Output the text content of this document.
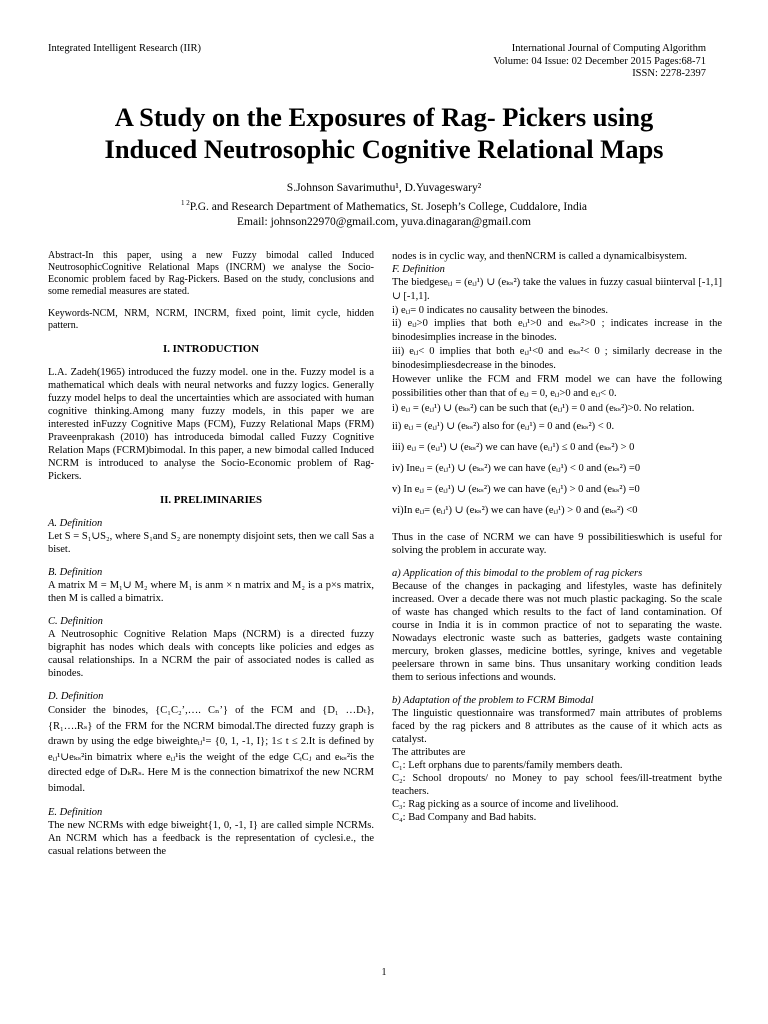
Integrated Intelligent Research (IIR)	International Journal of Computing Algorithm
Volume: 04 Issue: 02 December 2015 Pages:68-71
ISSN: 2278-2397
A Study on the Exposures of Rag- Pickers using
Induced Neutrosophic Cognitive Relational Maps
S.Johnson Savarimuthu¹, D.Yuvageswary²
$^{1 2}$P.G. and Research Department of Mathematics, St. Joseph’s College, Cuddalore, India
Email: johnson22970@gmail.com, yuva.dinagaran@gmail.com

Abstract-In this paper, using a new Fuzzy bimodal called Induced NeutrosophicCognitive Relational Maps (INCRM) we analyse the Socio-Economic problem faced by Rag-Pickers. Based on the study, conclusions and some remedial measures are stated.

Keywords-NCM, NRM, NCRM, INCRM, fixed point, limit cycle, hidden pattern.

I. INTRODUCTION

L.A. Zadeh(1965) introduced the fuzzy model. one in the. Fuzzy model is a mathematical which deals with neural networks and fuzzy logics. Generally fuzzy model helps to deal the uncertainties which are associated with human cognitive thinking.Among many fuzzy models, in this paper we are interested inFuzzy Cognitive Maps (FCM), Fuzzy Relational Maps (FRM) Praveenprakash (2010) has introduceda bimodal called Fuzzy Cognitive Relation Maps (FCRM)bimodal. In this paper, a new bimodal called Induced NCRM is introduced to analyse the Socio-Economic problem of Rag-Pickers.

II. PRELIMINARIES

A. Definition

Let S = S₁∪S₂, where S₁and S₂ are nonempty disjoint sets, then we call Sas a biset.

B. Definition

A matrix M = M₁∪ M₂ where M₁ is anm × n matrix and M₂ is a p×s matrix, then M is called a bimatrix.

C. Definition

A Neutrosophic Cognitive Relation Maps (NCRM) is a directed fuzzy bigraphit has nodes which deals with concepts like policies and edges as causal relationships. In a NCRM the pair of associated nodes is called as binodes.

D. Definition

Consider the binodes, {C₁C₂’,…. Cₙ’} of the FCM and {D₁ …Dₜ}, {R₁….Rₛ} of the FRM for the NCRM bimodal.The directed fuzzy graph is drawn by using the edge biweighteᵢⱼ¹= {0, 1, -1, I}; 1≤ t ≤ 2.It is defined by eᵢⱼ¹∪eₖₛ²in bimatrix where eᵢⱼ¹is the weight of the edge CᵢCⱼ and eₖₛ²is the directed edge of DₖRₛ. Here M is the connection bimatrixof the new NCRM bimodal.

E. Definition

The new NCRMs with edge biweight{1, 0, -1, I} are called simple NCRMs. An NCRM which has a feedback is the representation of cyclesi.e., the casual relations between the

nodes is in cyclic way, and thenNCRM is called a dynamicalbisystem.

F. Definition

The biedgeseᵢⱼ = (eᵢⱼ¹) ∪ (eₖₛ²) take the values in fuzzy casual biinterval [-1,1] ∪ [-1,1].

i) eᵢⱼ= 0 indicates no causality between the binodes.

ii) eᵢⱼ>0 implies that both eᵢⱼ¹>0 and eₖₛ²>0 ; indicates increase in the binodesimplies increase in the binodes.

iii) eᵢⱼ< 0 implies that both eᵢⱼ¹<0 and eₖₛ²< 0 ; similarly decrease in the binodesimpliesdecrease in the binodes.

However unlike the FCM and FRM model we can have the following possibilities other than that of eᵢⱼ = 0, eᵢⱼ>0 and eᵢⱼ< 0.

i) eᵢⱼ = (eᵢⱼ¹) ∪ (eₖₛ²) can be such that (eᵢⱼ¹) = 0 and (eₖₛ²)>0. No relation.

ii) eᵢⱼ = (eᵢⱼ¹) ∪ (eₖₛ²) also for (eᵢⱼ¹) = 0 and (eₖₛ²) < 0.

iii) eᵢⱼ = (eᵢⱼ¹) ∪ (eₖₛ²) we can have (eᵢⱼ¹) ≤ 0 and (eₖₛ²) > 0

iv) Ineᵢⱼ = (eᵢⱼ¹) ∪ (eₖₛ²) we can have (eᵢⱼ¹) < 0 and (eₖₛ²) =0

v) In eᵢⱼ = (eᵢⱼ¹) ∪ (eₖₛ²) we can have (eᵢⱼ¹) > 0 and (eₖₛ²) =0

vi)In eᵢⱼ= (eᵢⱼ¹) ∪ (eₖₛ²) we can have (eᵢⱼ¹) > 0 and (eₖₛ²) <0

Thus in the case of NCRM we can have 9 possibilitieswhich is useful for solving the problem in accurate way.

a) Application of this bimodal to the problem of rag pickers

Because of the changes in packaging and lifestyles, waste has definitely increased. Over a decade there was not much plastic packaging. So the scale of waste has changed which results to the fact of land contamination. Of course in India it is in common practice of not to separating the waste. Nowadays electronic waste such as batteries, gadgets waste containing mercury, broken glasses, medicine bottles, syringe, knives and vegetable peelersare thrown in same bins. Thus unsanitary working condition leads them to serious infections and wounds.

b) Adaptation of the problem to FCRM Bimodal

The linguistic questionnaire was transformed7 main attributes of problems faced by the rag pickers and 8 attributes as the cause of it which acts as catalyst.

The attributes are

C₁: Left orphans due to parents/family members death.

C₂: School dropouts/ no Money to pay school fees/ill-treatment bythe teachers.

C₃: Rag picking as a source of income and livelihood.

C₄: Bad Company and Bad habits.

1
